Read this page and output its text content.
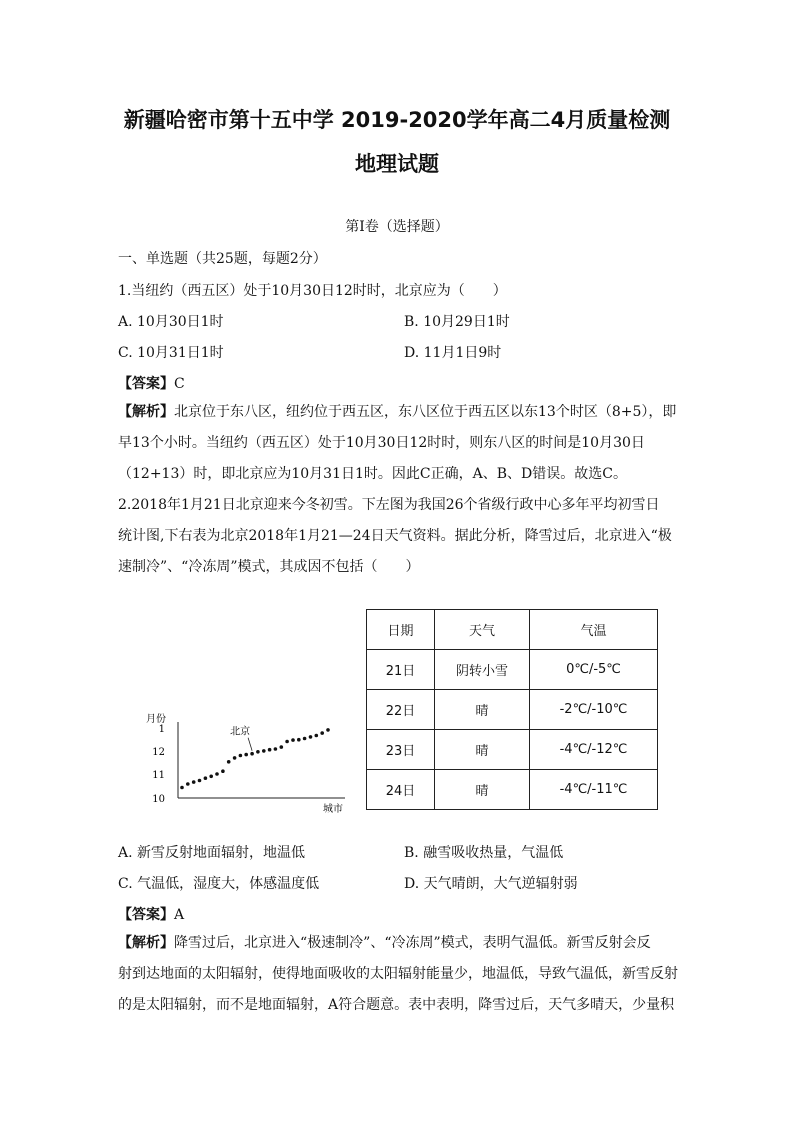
新疆哈密市第十五中学 2019-2020学年高二4月质量检测
地理试题
第Ⅰ卷（选择题）
一、单选题（共25题，每题2分）
1.当纽约（西五区）处于10月30日12时时，北京应为（　　）
A. 10月30日1时	B. 10月29日1时
C. 10月31日1时	D. 11月1日9时
【答案】C
【解析】北京位于东八区，纽约位于西五区，东八区位于西五区以东13个时区（8+5），即
早13个小时。当纽约（西五区）处于10月30日12时时，则东八区的时间是10月30日
（12+13）时，即北京应为10月31日1时。因此C正确，A、B、D错误。故选C。
2.2018年1月21日北京迎来今冬初雪。下左图为我国26个省级行政中心多年平均初雪日
统计图,下右表为北京2018年1月21—24日天气资料。据此分析，降雪过后，北京进入“极
速制冷”、“冷冻周”模式，其成因不包括（　　）
月份
10
11
12
1
城市
北京
日期	天气	气温
21日	阴转小雪	0℃/-5℃
22日	晴	-2℃/-10℃
23日	晴	-4℃/-12℃
24日	晴	-4℃/-11℃
A. 新雪反射地面辐射，地温低	B. 融雪吸收热量，气温低
C. 气温低，湿度大，体感温度低	D. 天气晴朗，大气逆辐射弱
【答案】A
【解析】降雪过后，北京进入“极速制冷”、“冷冻周”模式，表明气温低。新雪反射会反
射到达地面的太阳辐射，使得地面吸收的太阳辐射能量少，地温低，导致气温低，新雪反射
的是太阳辐射，而不是地面辐射，A符合题意。表中表明，降雪过后，天气多晴天，少量积
